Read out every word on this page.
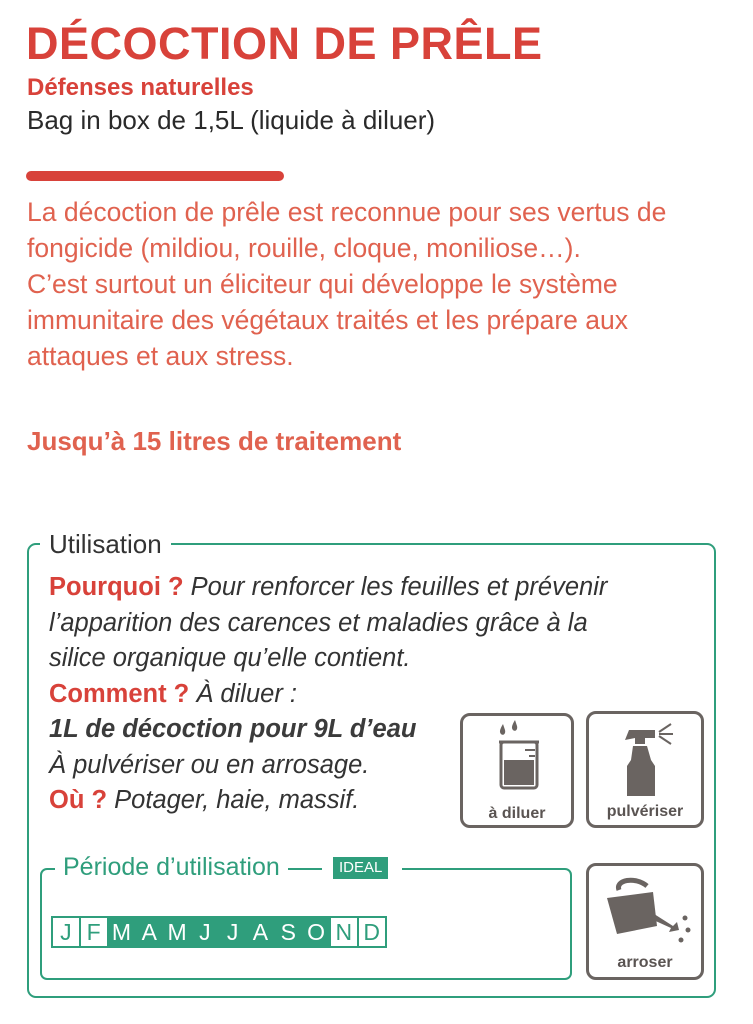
DÉCOCTION DE PRÊLE
Défenses naturelles
Bag in box de 1,5L (liquide à diluer)

La décoction de prêle est reconnue pour ses vertus de fongicide (mildiou, rouille, cloque, moniliose…).

C’est surtout un éliciteur qui développe le système immunitaire des végétaux traités et les prépare aux attaques et aux stress.

Jusqu’à 15 litres de traitement
Utilisation
Pourquoi ? Pour renforcer les feuilles et prévenir
l’apparition des carences et maladies grâce à la
silice organique qu’elle contient.
Comment ? À diluer :
1L de décoction pour 9L d’eau
À pulvériser ou en arrosage.
Où ? Potager, haie, massif.	à diluer	pulvériser
arroser
Période d’utilisation	IDEAL
J F M A M J J A S O N D
